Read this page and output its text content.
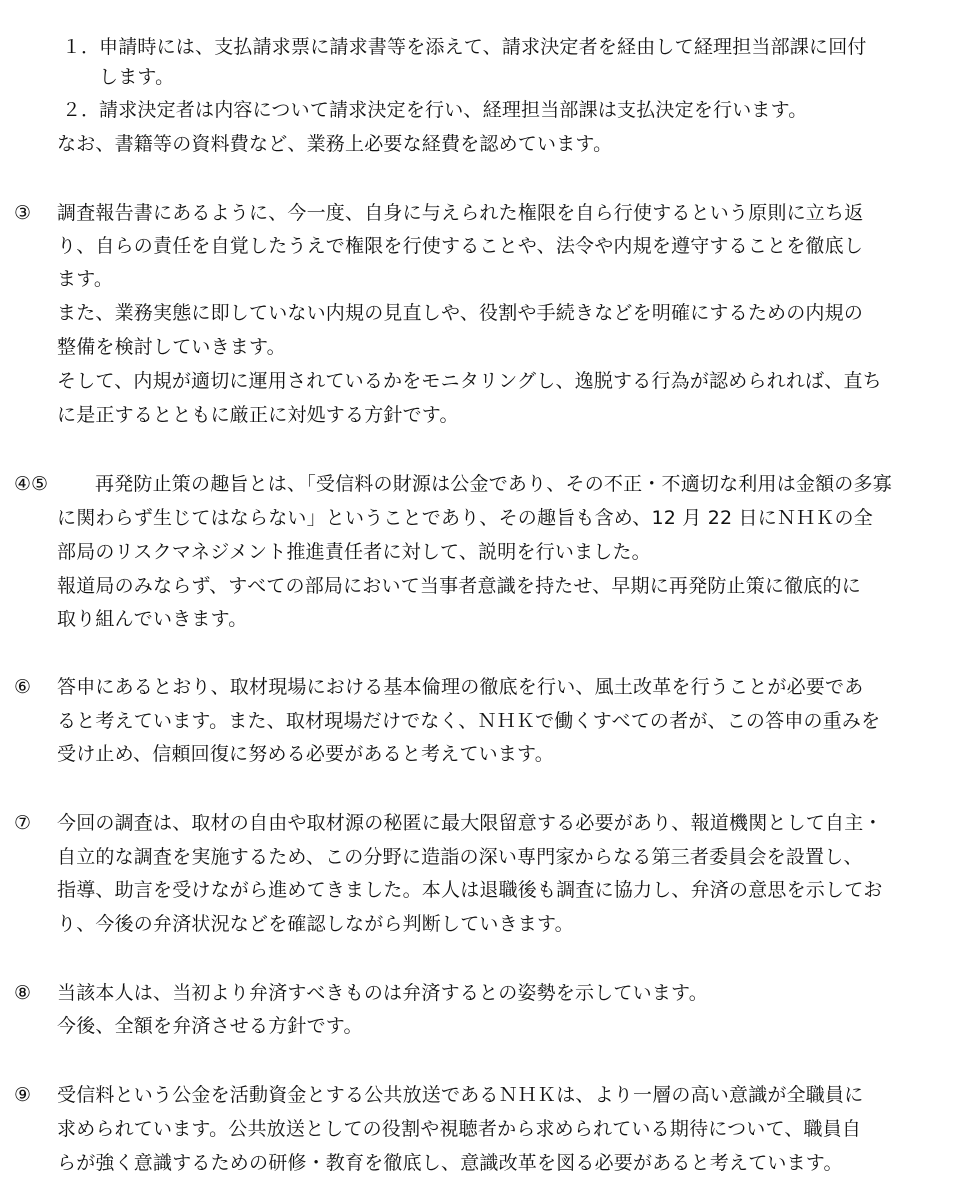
１．
申請時には、支払請求票に請求書等を添えて、請求決定者を経由して経理担当部課に回付
します。
２．
請求決定者は内容について請求決定を行い、経理担当部課は支払決定を行います。
なお、書籍等の資料費など、業務上必要な経費を認めています。
③ 調査報告書にあるように、今一度、自身に与えられた権限を自ら行使するという原則に立ち返
り、自らの責任を自覚したうえで権限を行使することや、法令や内規を遵守することを徹底し
ます。
また、業務実態に即していない内規の見直しや、役割や手続きなどを明確にするための内規の
整備を検討していきます。
そして、内規が適切に運用されているかをモニタリングし、逸脱する行為が認められれば、直ち
に是正するとともに厳正に対処する方針です。
④⑤ 再発防止策の趣旨とは、「受信料の財源は公金であり、その不正・不適切な利用は金額の多寡
に関わらず生じてはならない」ということであり、その趣旨も含め、12 月 22 日にＮＨＫの全
部局のリスクマネジメント推進責任者に対して、説明を行いました。
報道局のみならず、すべての部局において当事者意識を持たせ、早期に再発防止策に徹底的に
取り組んでいきます。
⑥ 答申にあるとおり、取材現場における基本倫理の徹底を行い、風土改革を行うことが必要であ
ると考えています。また、取材現場だけでなく、ＮＨＫで働くすべての者が、この答申の重みを
受け止め、信頼回復に努める必要があると考えています。
⑦ 今回の調査は、取材の自由や取材源の秘匿に最大限留意する必要があり、報道機関として自主・
自立的な調査を実施するため、この分野に造詣の深い専門家からなる第三者委員会を設置し、
指導、助言を受けながら進めてきました。本人は退職後も調査に協力し、弁済の意思を示してお
り、今後の弁済状況などを確認しながら判断していきます。
⑧ 当該本人は、当初より弁済すべきものは弁済するとの姿勢を示しています。
今後、全額を弁済させる方針です。
⑨ 受信料という公金を活動資金とする公共放送であるＮＨＫは、より一層の高い意識が全職員に
求められています。公共放送としての役割や視聴者から求められている期待について、職員自
らが強く意識するための研修・教育を徹底し、意識改革を図る必要があると考えています。
